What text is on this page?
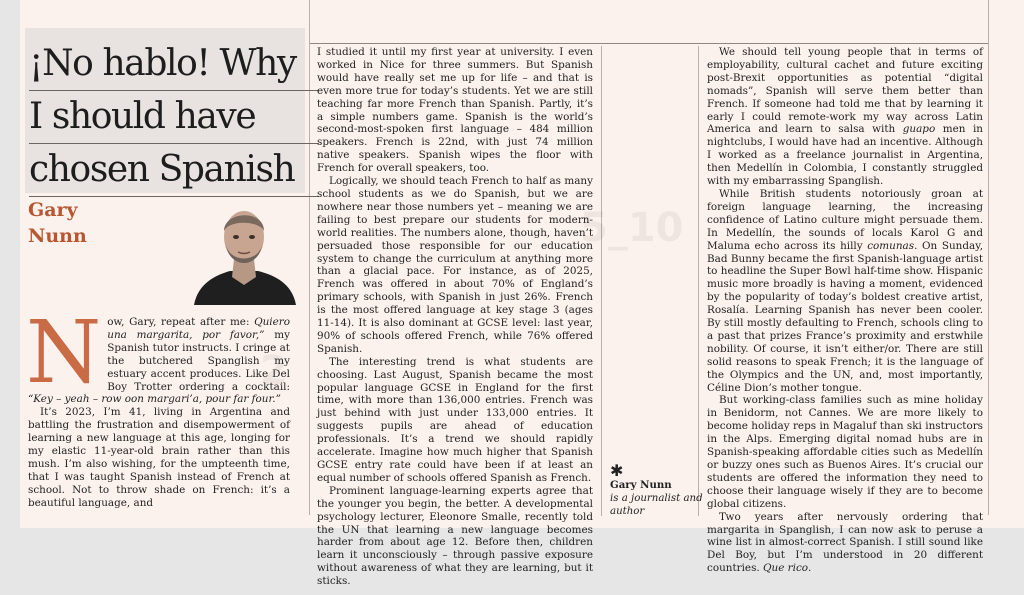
5_10
2
¡No hablo! Why
I should have
chosen Spanish
Gary
Nunn

Now, Gary, repeat after me: Quiero una margarita, por favor,” my Spanish tutor instructs. I cringe at the butchered Spanglish my estuary accent produces. Like Del Boy Trotter ordering a cocktail: “Key – yeah – row oon margari’a, pour far four.”

It’s 2023, I’m 41, living in Argentina and battling the frustration and disempowerment of learning a new language at this age, longing for my elastic 11-year-old brain rather than this mush. I’m also wishing, for the umpteenth time, that I was taught Spanish instead of French at school. Not to throw shade on French: it’s a beautiful language, and

I studied it until my first year at university. I even worked in Nice for three summers. But Spanish would have really set me up for life – and that is even more true for today’s students. Yet we are still teaching far more French than Spanish. Partly, it’s a simple numbers game. Spanish is the world’s second-most-spoken first language – 484 million speakers. French is 22nd, with just 74 million native speakers. Spanish wipes the floor with French for overall speakers, too.

Logically, we should teach French to half as many school students as we do Spanish, but we are nowhere near those numbers yet – meaning we are failing to best prepare our students for modern-world realities. The numbers alone, though, haven’t persuaded those responsible for our education system to change the curriculum at anything more than a glacial pace. For instance, as of 2025, French was offered in about 70% of England’s primary schools, with Spanish in just 26%. French is the most offered language at key stage 3 (ages 11-14). It is also dominant at GCSE level: last year, 90% of schools offered French, while 76% offered Spanish.

The interesting trend is what students are choosing. Last August, Spanish became the most popular language GCSE in England for the first time, with more than 136,000 entries. French was just behind with just under 133,000 entries. It suggests pupils are ahead of education professionals. It’s a trend we should rapidly accelerate. Imagine how much higher that Spanish GCSE entry rate could have been if at least an equal number of schools offered Spanish as French.

Prominent language-learning experts agree that the younger you begin, the better. A developmental psychology lecturer, Eleonore Smalle, recently told the UN that learning a new language becomes harder from about age 12. Before then, children learn it unconsciously – through passive exposure without awareness of what they are learning, but it sticks.

✱
Gary Nunn
is a journalist and author

We should tell young people that in terms of employability, cultural cachet and future exciting post-Brexit opportunities as potential “digital nomads”, Spanish will serve them better than French. If someone had told me that by learning it early I could remote-work my way across Latin America and learn to salsa with guapo men in nightclubs, I would have had an incentive. Although I worked as a freelance journalist in Argentina, then Medellín in Colombia, I constantly struggled with my embarrassing Spanglish.

While British students notoriously groan at foreign language learning, the increasing confidence of Latino culture might persuade them. In Medellín, the sounds of locals Karol G and Maluma echo across its hilly comunas. On Sunday, Bad Bunny became the first Spanish-language artist to headline the Super Bowl half-time show. Hispanic music more broadly is having a moment, evidenced by the popularity of today’s boldest creative artist, Rosalía. Learning Spanish has never been cooler. By still mostly defaulting to French, schools cling to a past that prizes France’s proximity and erstwhile nobility. Of course, it isn’t either/or. There are still solid reasons to speak French; it is the language of the Olympics and the UN, and, most importantly, Céline Dion’s mother tongue.

But working-class families such as mine holiday in Benidorm, not Cannes. We are more likely to become holiday reps in Magaluf than ski instructors in the Alps. Emerging digital nomad hubs are in Spanish-speaking affordable cities such as Medellín or buzzy ones such as Buenos Aires. It’s crucial our students are offered the information they need to choose their language wisely if they are to become global citizens.

Two years after nervously ordering that margarita in Spanglish, I can now ask to peruse a wine list in almost-correct Spanish. I still sound like Del Boy, but I’m understood in 20 different countries. Que rico.
